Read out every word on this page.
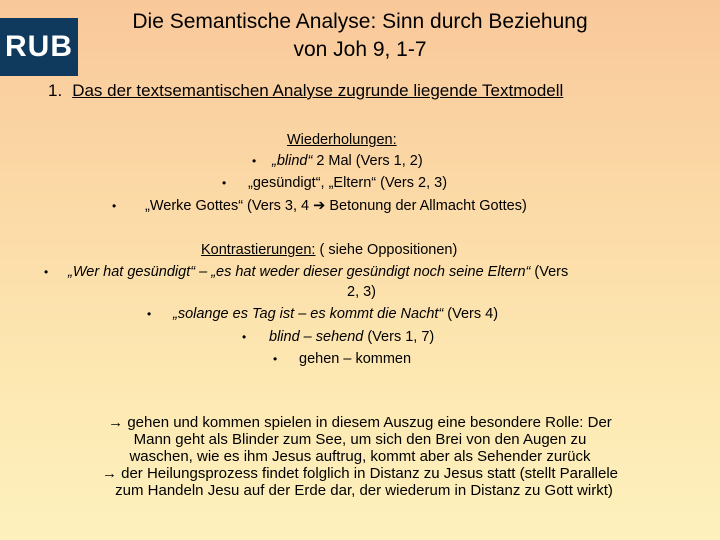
RUB
Die Semantische Analyse: Sinn durch Beziehung
von Joh 9, 1-7
1. Das der textsemantischen Analyse zugrunde liegende Textmodell
Wiederholungen:
• „blind“ 2 Mal (Vers 1, 2)
• „gesündigt“, „Eltern“ (Vers 2, 3)
• „Werke Gottes“ (Vers 3, 4 ➔ Betonung der Allmacht Gottes)
Kontrastierungen: ( siehe Oppositionen)
• „Wer hat gesündigt“ – „es hat weder dieser gesündigt noch seine Eltern“ (Vers
2, 3)
• „solange es Tag ist – es kommt die Nacht“ (Vers 4)
• blind – sehend (Vers 1, 7)
• gehen – kommen
→ gehen und kommen spielen in diesem Auszug eine besondere Rolle: Der
Mann geht als Blinder zum See, um sich den Brei von den Augen zu
waschen, wie es ihm Jesus auftrug, kommt aber als Sehender zurück
→ der Heilungsprozess findet folglich in Distanz zu Jesus statt (stellt Parallele
zum Handeln Jesu auf der Erde dar, der wiederum in Distanz zu Gott wirkt)
